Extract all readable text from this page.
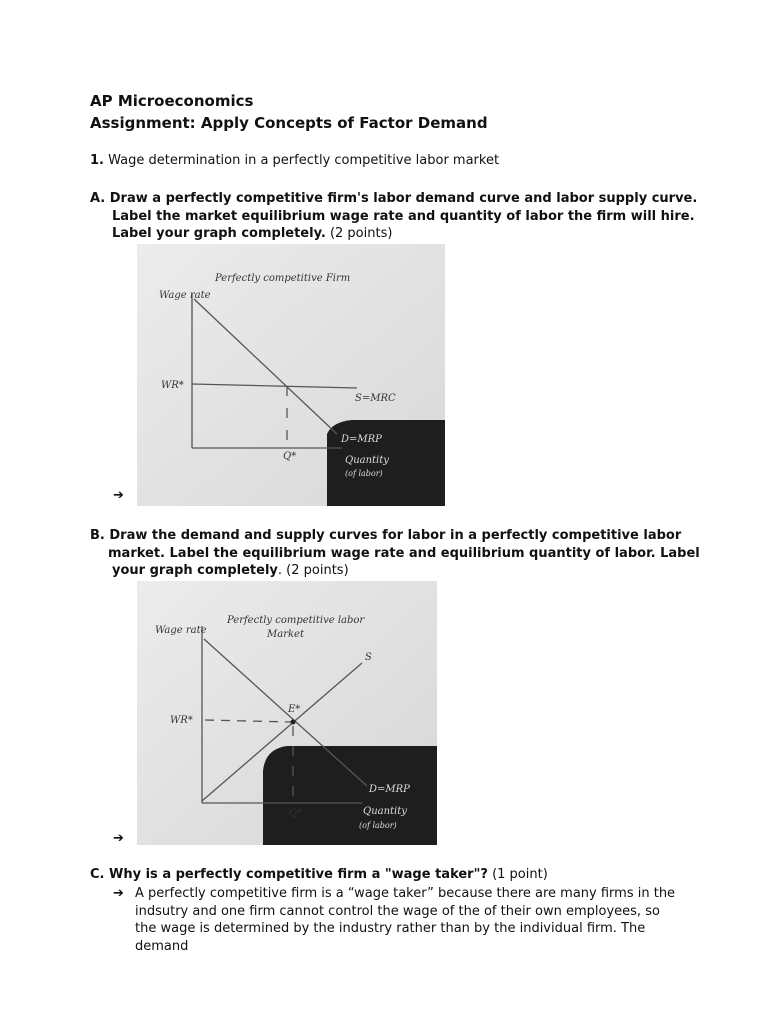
AP Microeconomics
Assignment: Apply Concepts of Factor Demand
1. Wage determination in a perfectly competitive labor market
A. Draw a perfectly competitive firm's labor demand curve and labor supply curve.
Label the market equilibrium wage rate and quantity of labor the firm will hire.
Label your graph completely. (2 points)
Perfectly competitive Firm
Wage rate
WR*
S=MRC
D=MRP
Q*	Quantity
(of labor)
➔
B. Draw the demand and supply curves for labor in a perfectly competitive labor
market. Label the equilibrium wage rate and equilibrium quantity of labor. Label
your graph completely. (2 points)
Perfectly competitive labor
Market
Wage rate
WR*
E*
S
D=MRP
Q*	Quantity
(of labor)
➔
C. Why is a perfectly competitive firm a "wage taker"? (1 point)
➔ A perfectly competitive firm is a “wage taker” because there are many firms in the indsutry and one firm cannot control the wage of the of their own employees, so the wage is determined by the industry rather than by the individual firm. The demand
